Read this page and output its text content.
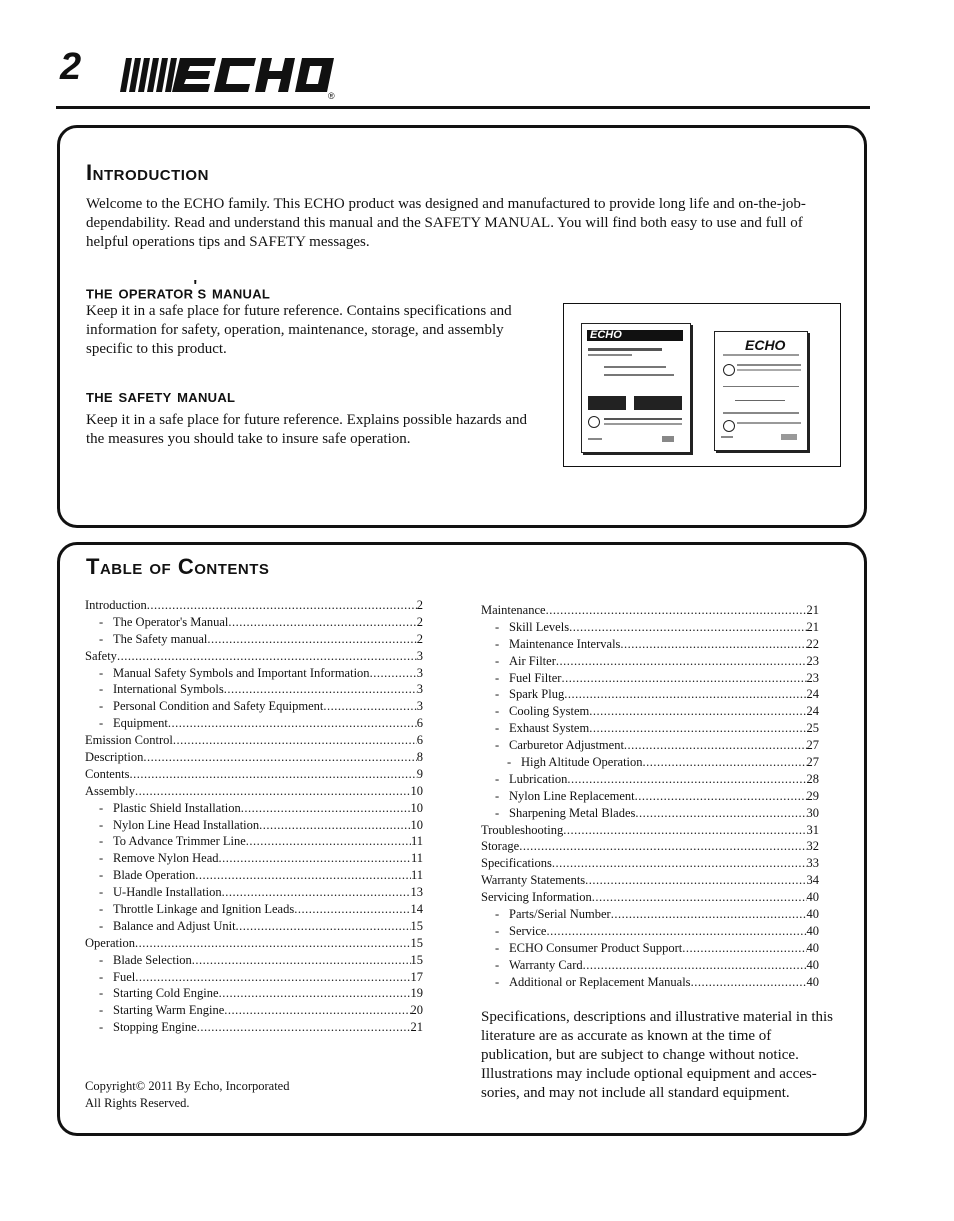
2
®
Introduction

Welcome to the ECHO family. This ECHO product was designed and manufactured to provide long life and on-the-job-dependability. Read and understand this manual and the SAFETY MANUAL. You will find both easy to use and full of helpful operations tips and SAFETY messages.

the operator's manual

Keep it in a safe place for future reference. Contains specifications and information for safety, operation, maintenance, storage, and assembly specific to this product.

the safety manual

Keep it in a safe place for future reference. Explains possible hazards and the measures you should take to insure safe operation.

ECHO
ECHO
Table of Contents
Introduction .....	2
- The Operator's Manual .....	2
- The Safety manual .....	2
Safety .....	3
- Manual Safety Symbols and Important Information .....	3
- International Symbols .....	3
- Personal Condition and Safety Equipment .....	3
- Equipment .....	6
Emission Control .....	6
Description .....	8
Contents .....	9
Assembly .....	10
- Plastic Shield Installation .....	10
- Nylon Line Head Installation .....	10
- To Advance Trimmer Line .....	11
- Remove Nylon Head .....	11
- Blade Operation .....	11
- U-Handle Installation .....	13
- Throttle Linkage and Ignition Leads .....	14
- Balance and Adjust Unit .....	15
Operation .....	15
- Blade Selection .....	15
- Fuel .....	17
- Starting Cold Engine .....	19
- Starting Warm Engine .....	20
- Stopping Engine .....	21
Maintenance .....	21
- Skill Levels .....	21
- Maintenance Intervals .....	22
- Air Filter .....	23
- Fuel Filter .....	23
- Spark Plug .....	24
- Cooling System .....	24
- Exhaust System .....	25
- Carburetor Adjustment .....	27
- High Altitude Operation .....	27
- Lubrication .....	28
- Nylon Line Replacement .....	29
- Sharpening Metal Blades .....	30
Troubleshooting .....	31
Storage .....	32
Specifications .....	33
Warranty Statements .....	34
Servicing Information .....	40
- Parts/Serial Number .....	40
- Service .....	40
- ECHO Consumer Product Support .....	40
- Warranty Card .....	40
- Additional or Replacement Manuals .....	40

Specifications, descriptions and illustrative material in this literature are as accurate as known at the time of publication, but are subject to change without notice. Illustrations may include optional equipment and acces-sories, and may not include all standard equipment.

Copyright© 2011 By Echo, Incorporated
All Rights Reserved.
